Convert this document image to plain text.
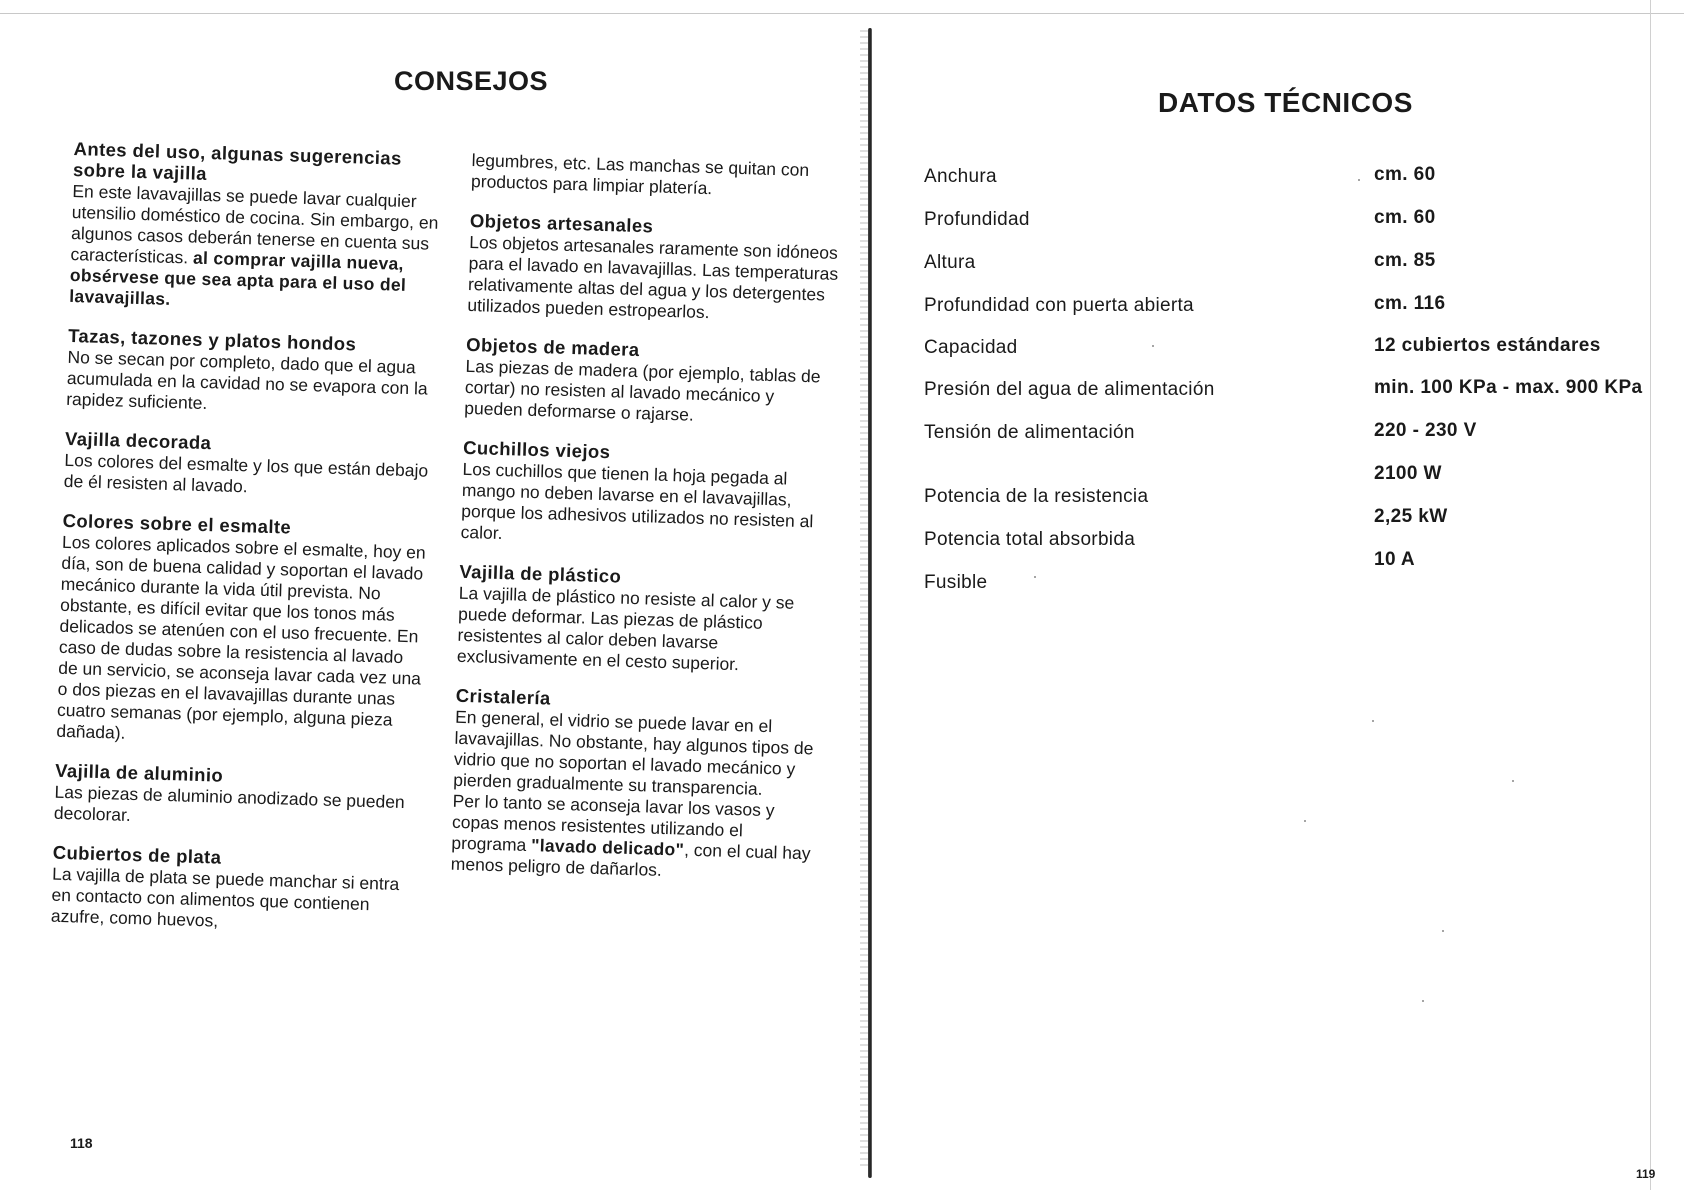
CONSEJOS

Antes del uso, algunas sugerencias sobre la vajilla

En este lavavajillas se puede lavar cualquier utensilio doméstico de cocina. Sin embargo, en algunos casos deberán tenerse en cuenta sus características. al comprar vajilla nueva, obsérvese que sea apta para el uso del lavavajillas.

Tazas, tazones y platos hondos

No se secan por completo, dado que el agua acumulada en la cavidad no se evapora con la rapidez suficiente.

Vajilla decorada

Los colores del esmalte y los que están debajo de él resisten al lavado.

Colores sobre el esmalte

Los colores aplicados sobre el esmalte, hoy en día, son de buena calidad y soportan el lavado mecánico durante la vida útil prevista. No obstante, es difícil evitar que los tonos más delicados se atenúen con el uso frecuente. En caso de dudas sobre la resistencia al lavado de un servicio, se aconseja lavar cada vez una o dos piezas en el lavavajillas durante unas cuatro semanas (por ejemplo, alguna pieza dañada).

Vajilla de aluminio

Las piezas de aluminio anodizado se pueden decolorar.

Cubiertos de plata

La vajilla de plata se puede manchar si entra en contacto con alimentos que contienen azufre, como huevos,

legumbres, etc. Las manchas se quitan con productos para limpiar platería.

Objetos artesanales

Los objetos artesanales raramente son idóneos para el lavado en lavavajillas. Las temperaturas relativamente altas del agua y los detergentes utilizados pueden estropearlos.

Objetos de madera

Las piezas de madera (por ejemplo, tablas de cortar) no resisten al lavado mecánico y pueden deformarse o rajarse.

Cuchillos viejos

Los cuchillos que tienen la hoja pegada al mango no deben lavarse en el lavavajillas, porque los adhesivos utilizados no resisten al calor.

Vajilla de plástico

La vajilla de plástico no resiste al calor y se puede deformar. Las piezas de plástico resistentes al calor deben lavarse exclusivamente en el cesto superior.

Cristalería

En general, el vidrio se puede lavar en el lavavajillas. No obstante, hay algunos tipos de vidrio que no soportan el lavado mecánico y pierden gradualmente su transparencia.
Per lo tanto se aconseja lavar los vasos y copas menos resistentes utilizando el programa "lavado delicado", con el cual hay menos peligro de dañarlos.

118
DATOS TÉCNICOS
Anchura
Profundidad
Altura
Profundidad con puerta abierta
Capacidad
Presión del agua de alimentación
Tensión de alimentación
Potencia de la resistencia
Potencia total absorbida
Fusible
cm. 60
cm. 60
cm. 85
cm. 116
12 cubiertos estándares
min. 100 KPa - max. 900 KPa
220 - 230 V
2100 W
2,25 kW
10 A
119
